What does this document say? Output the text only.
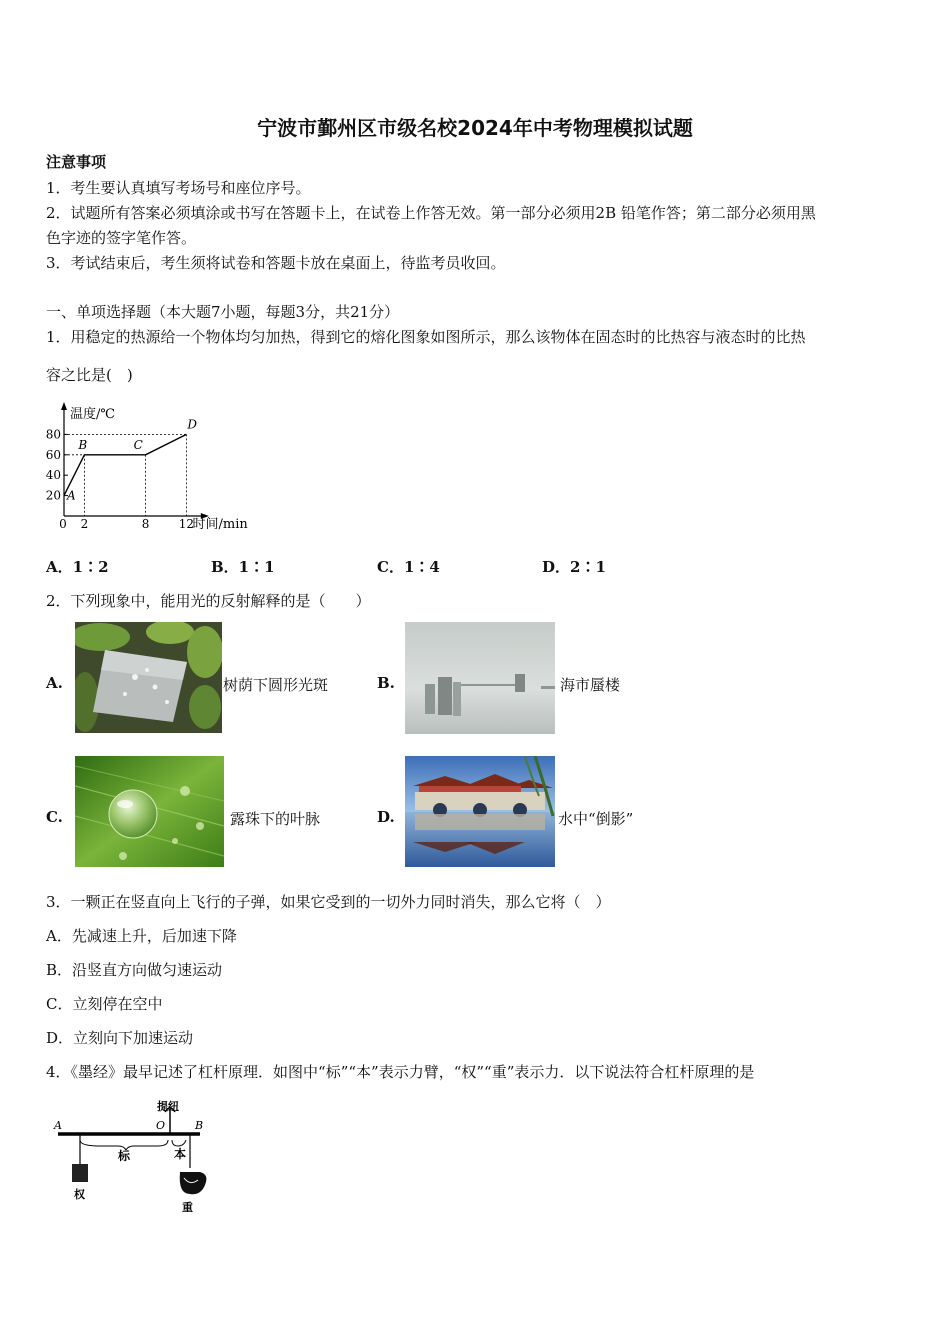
宁波市鄞州区市级名校2024年中考物理模拟试题
注意事项
1．考生要认真填写考场号和座位序号。
2．试题所有答案必须填涂或书写在答题卡上，在试卷上作答无效。第一部分必须用2B 铅笔作答；第二部分必须用黑
色字迹的签字笔作答。
3．考试结束后，考生须将试卷和答题卡放在桌面上，待监考员收回。
一、单项选择题（本大题7小题，每题3分，共21分）
1．用稳定的热源给一个物体均匀加热，得到它的熔化图象如图所示，那么该物体在固态时的比热容与液态时的比热
容之比是(　)
温度/℃
时间/min
20
40
60
80
0 2	8 12
A
B	C
D
A．1∶2	B．1∶1	C．1∶4	D．2∶1
2．下列现象中，能用光的反射解释的是（　　）
A.	树荫下圆形光斑	B.	海市蜃楼
C.	露珠下的叶脉	D.	水中“倒影”
3．一颗正在竖直向上飞行的子弹，如果它受到的一切外力同时消失，那么它将（　）
A．先减速上升，后加速下降
B．沿竖直方向做匀速运动
C．立刻停在空中
D．立刻向下加速运动
4．《墨经》最早记述了杠杆原理．如图中“标”“本”表示力臂，“权”“重”表示力．以下说法符合杠杆原理的是
提纽
A	O	B
标	本
权
重
